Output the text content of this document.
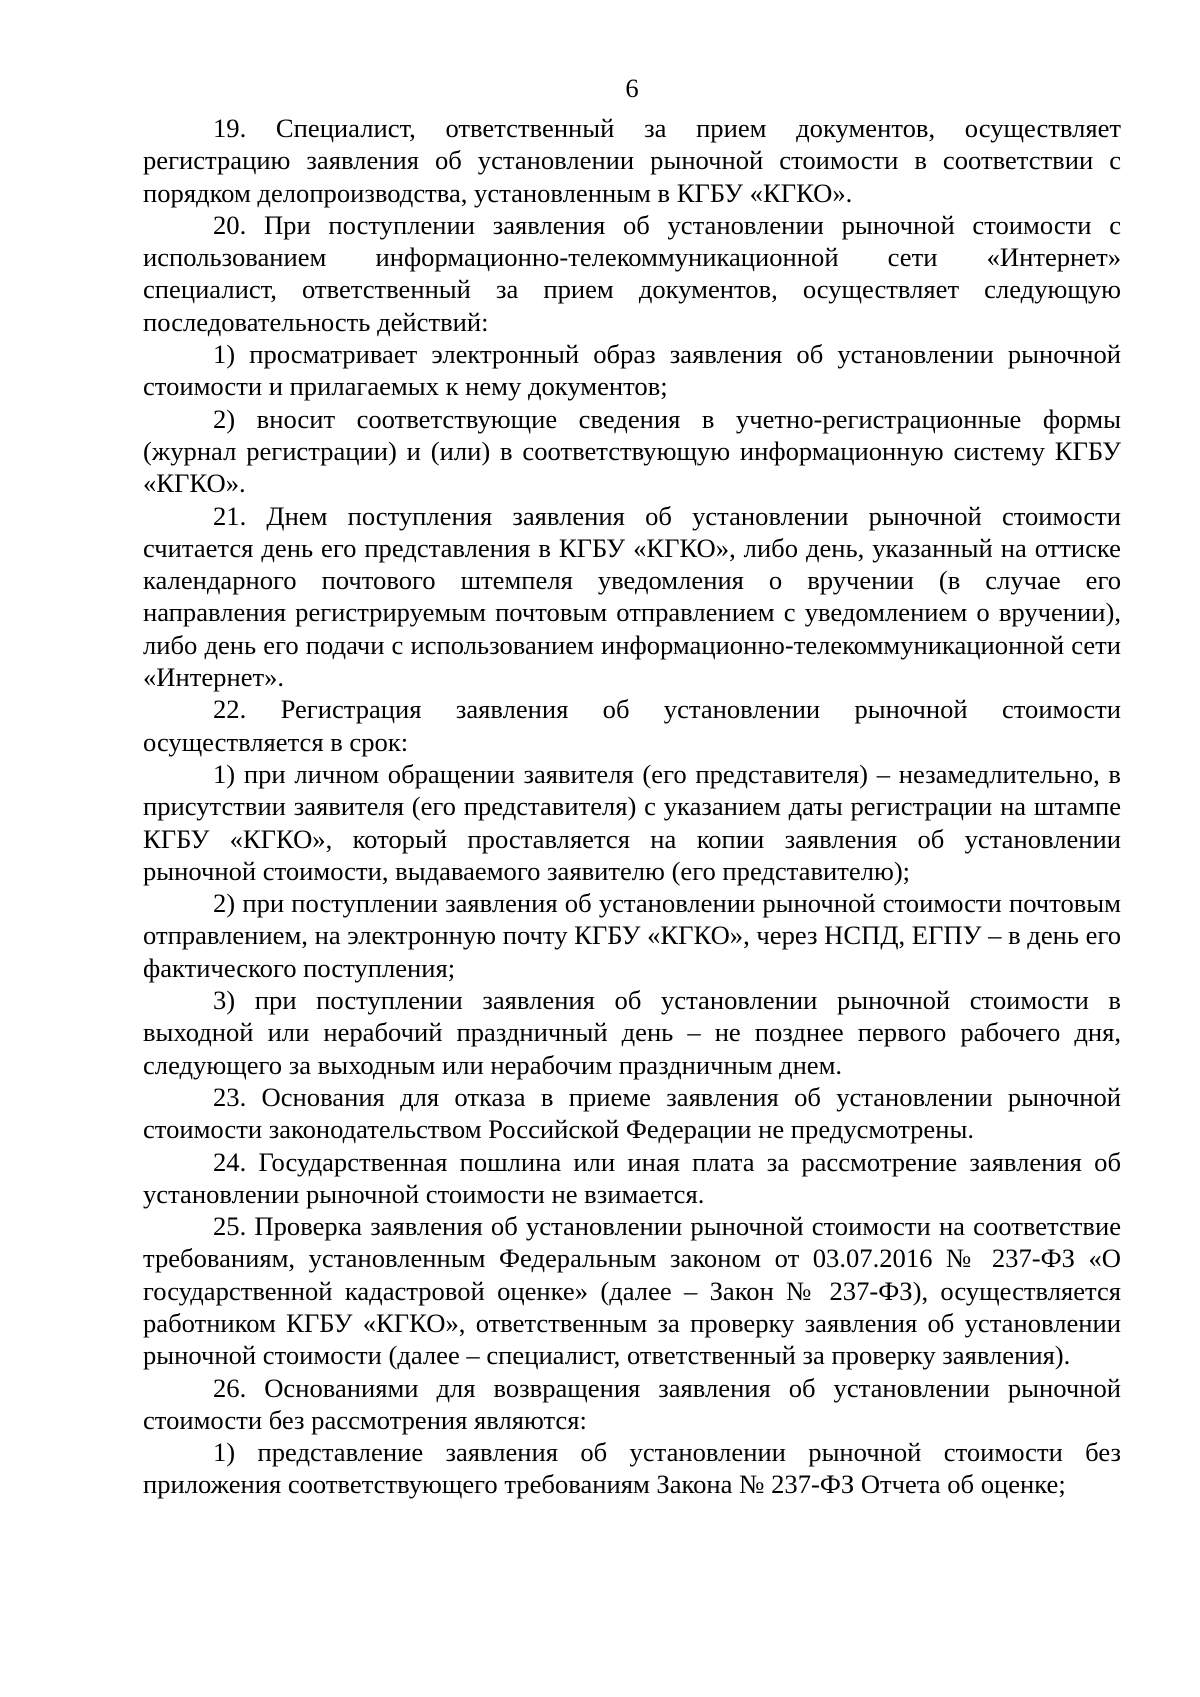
6

19. Специалист, ответственный за прием документов, осуществляет регистрацию заявления об установлении рыночной стоимости в соответствии с порядком делопроизводства, установленным в КГБУ «КГКО».

20. При поступлении заявления об установлении рыночной стоимости с использованием информационно-телекоммуникационной сети «Интернет» специалист, ответственный за прием документов, осуществляет следующую последовательность действий:

1) просматривает электронный образ заявления об установлении рыночной стоимости и прилагаемых к нему документов;

2) вносит соответствующие сведения в учетно-регистрационные формы (журнал регистрации) и (или) в соответствующую информационную систему КГБУ «КГКО».

21. Днем поступления заявления об установлении рыночной стоимости считается день его представления в КГБУ «КГКО», либо день, указанный на оттиске календарного почтового штемпеля уведомления о вручении (в случае его направления регистрируемым почтовым отправлением с уведомлением о вручении), либо день его подачи с использованием информационно-телекоммуникационной сети «Интернет».

22. Регистрация заявления об установлении рыночной стоимости осуществляется в срок:

1) при личном обращении заявителя (его представителя) – незамедлительно, в присутствии заявителя (его представителя) с указанием даты регистрации на штампе КГБУ «КГКО», который проставляется на копии заявления об установлении рыночной стоимости, выдаваемого заявителю (его представителю);

2) при поступлении заявления об установлении рыночной стоимости почтовым отправлением, на электронную почту КГБУ «КГКО», через НСПД, ЕГПУ – в день его фактического поступления;

3) при поступлении заявления об установлении рыночной стоимости в выходной или нерабочий праздничный день – не позднее первого рабочего дня, следующего за выходным или нерабочим праздничным днем.

23. Основания для отказа в приеме заявления об установлении рыночной стоимости законодательством Российской Федерации не предусмотрены.

24. Государственная пошлина или иная плата за рассмотрение заявления об установлении рыночной стоимости не взимается.

25. Проверка заявления об установлении рыночной стоимости на соответствие требованиям, установленным Федеральным законом от 03.07.2016 № 237-ФЗ «О государственной кадастровой оценке» (далее – Закон № 237-ФЗ), осуществляется работником КГБУ «КГКО», ответственным за проверку заявления об установлении рыночной стоимости (далее – специалист, ответственный за проверку заявления).

26. Основаниями для возвращения заявления об установлении рыночной стоимости без рассмотрения являются:

1) представление заявления об установлении рыночной стоимости без приложения соответствующего требованиям Закона № 237-ФЗ Отчета об оценке;
